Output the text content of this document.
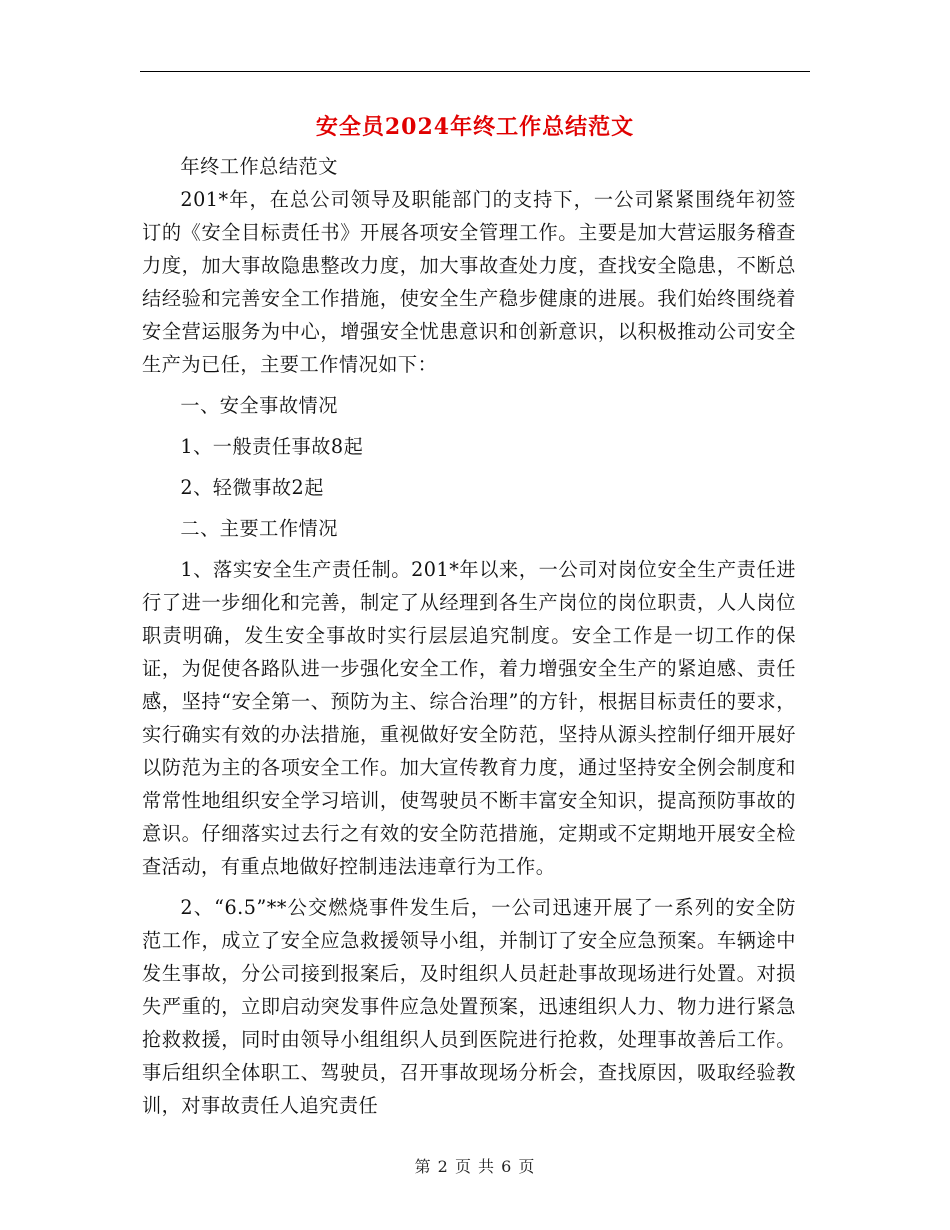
安全员2024年终工作总结范文

年终工作总结范文

201*年，在总公司领导及职能部门的支持下，一公司紧紧围绕年初签订的《安全目标责任书》开展各项安全管理工作。主要是加大营运服务稽查力度，加大事故隐患整改力度，加大事故查处力度，查找安全隐患，不断总结经验和完善安全工作措施，使安全生产稳步健康的进展。我们始终围绕着安全营运服务为中心，增强安全忧患意识和创新意识，以积极推动公司安全生产为已任，主要工作情况如下：

一、安全事故情况

1、一般责任事故8起

2、轻微事故2起

二、主要工作情况

1、落实安全生产责任制。201*年以来，一公司对岗位安全生产责任进行了进一步细化和完善，制定了从经理到各生产岗位的岗位职责，人人岗位职责明确，发生安全事故时实行层层追究制度。安全工作是一切工作的保证，为促使各路队进一步强化安全工作，着力增强安全生产的紧迫感、责任感，坚持“安全第一、预防为主、综合治理”的方针，根据目标责任的要求，实行确实有效的办法措施，重视做好安全防范，坚持从源头控制仔细开展好以防范为主的各项安全工作。加大宣传教育力度，通过坚持安全例会制度和常常性地组织安全学习培训，使驾驶员不断丰富安全知识，提高预防事故的意识。仔细落实过去行之有效的安全防范措施，定期或不定期地开展安全检查活动，有重点地做好控制违法违章行为工作。

2、“6.5”**公交燃烧事件发生后，一公司迅速开展了一系列的安全防范工作，成立了安全应急救援领导小组，并制订了安全应急预案。车辆途中发生事故，分公司接到报案后，及时组织人员赶赴事故现场进行处置。对损失严重的，立即启动突发事件应急处置预案，迅速组织人力、物力进行紧急抢救救援，同时由领导小组组织人员到医院进行抢救，处理事故善后工作。事后组织全体职工、驾驶员，召开事故现场分析会，查找原因，吸取经验教训，对事故责任人追究责任

第 2 页 共 6 页
